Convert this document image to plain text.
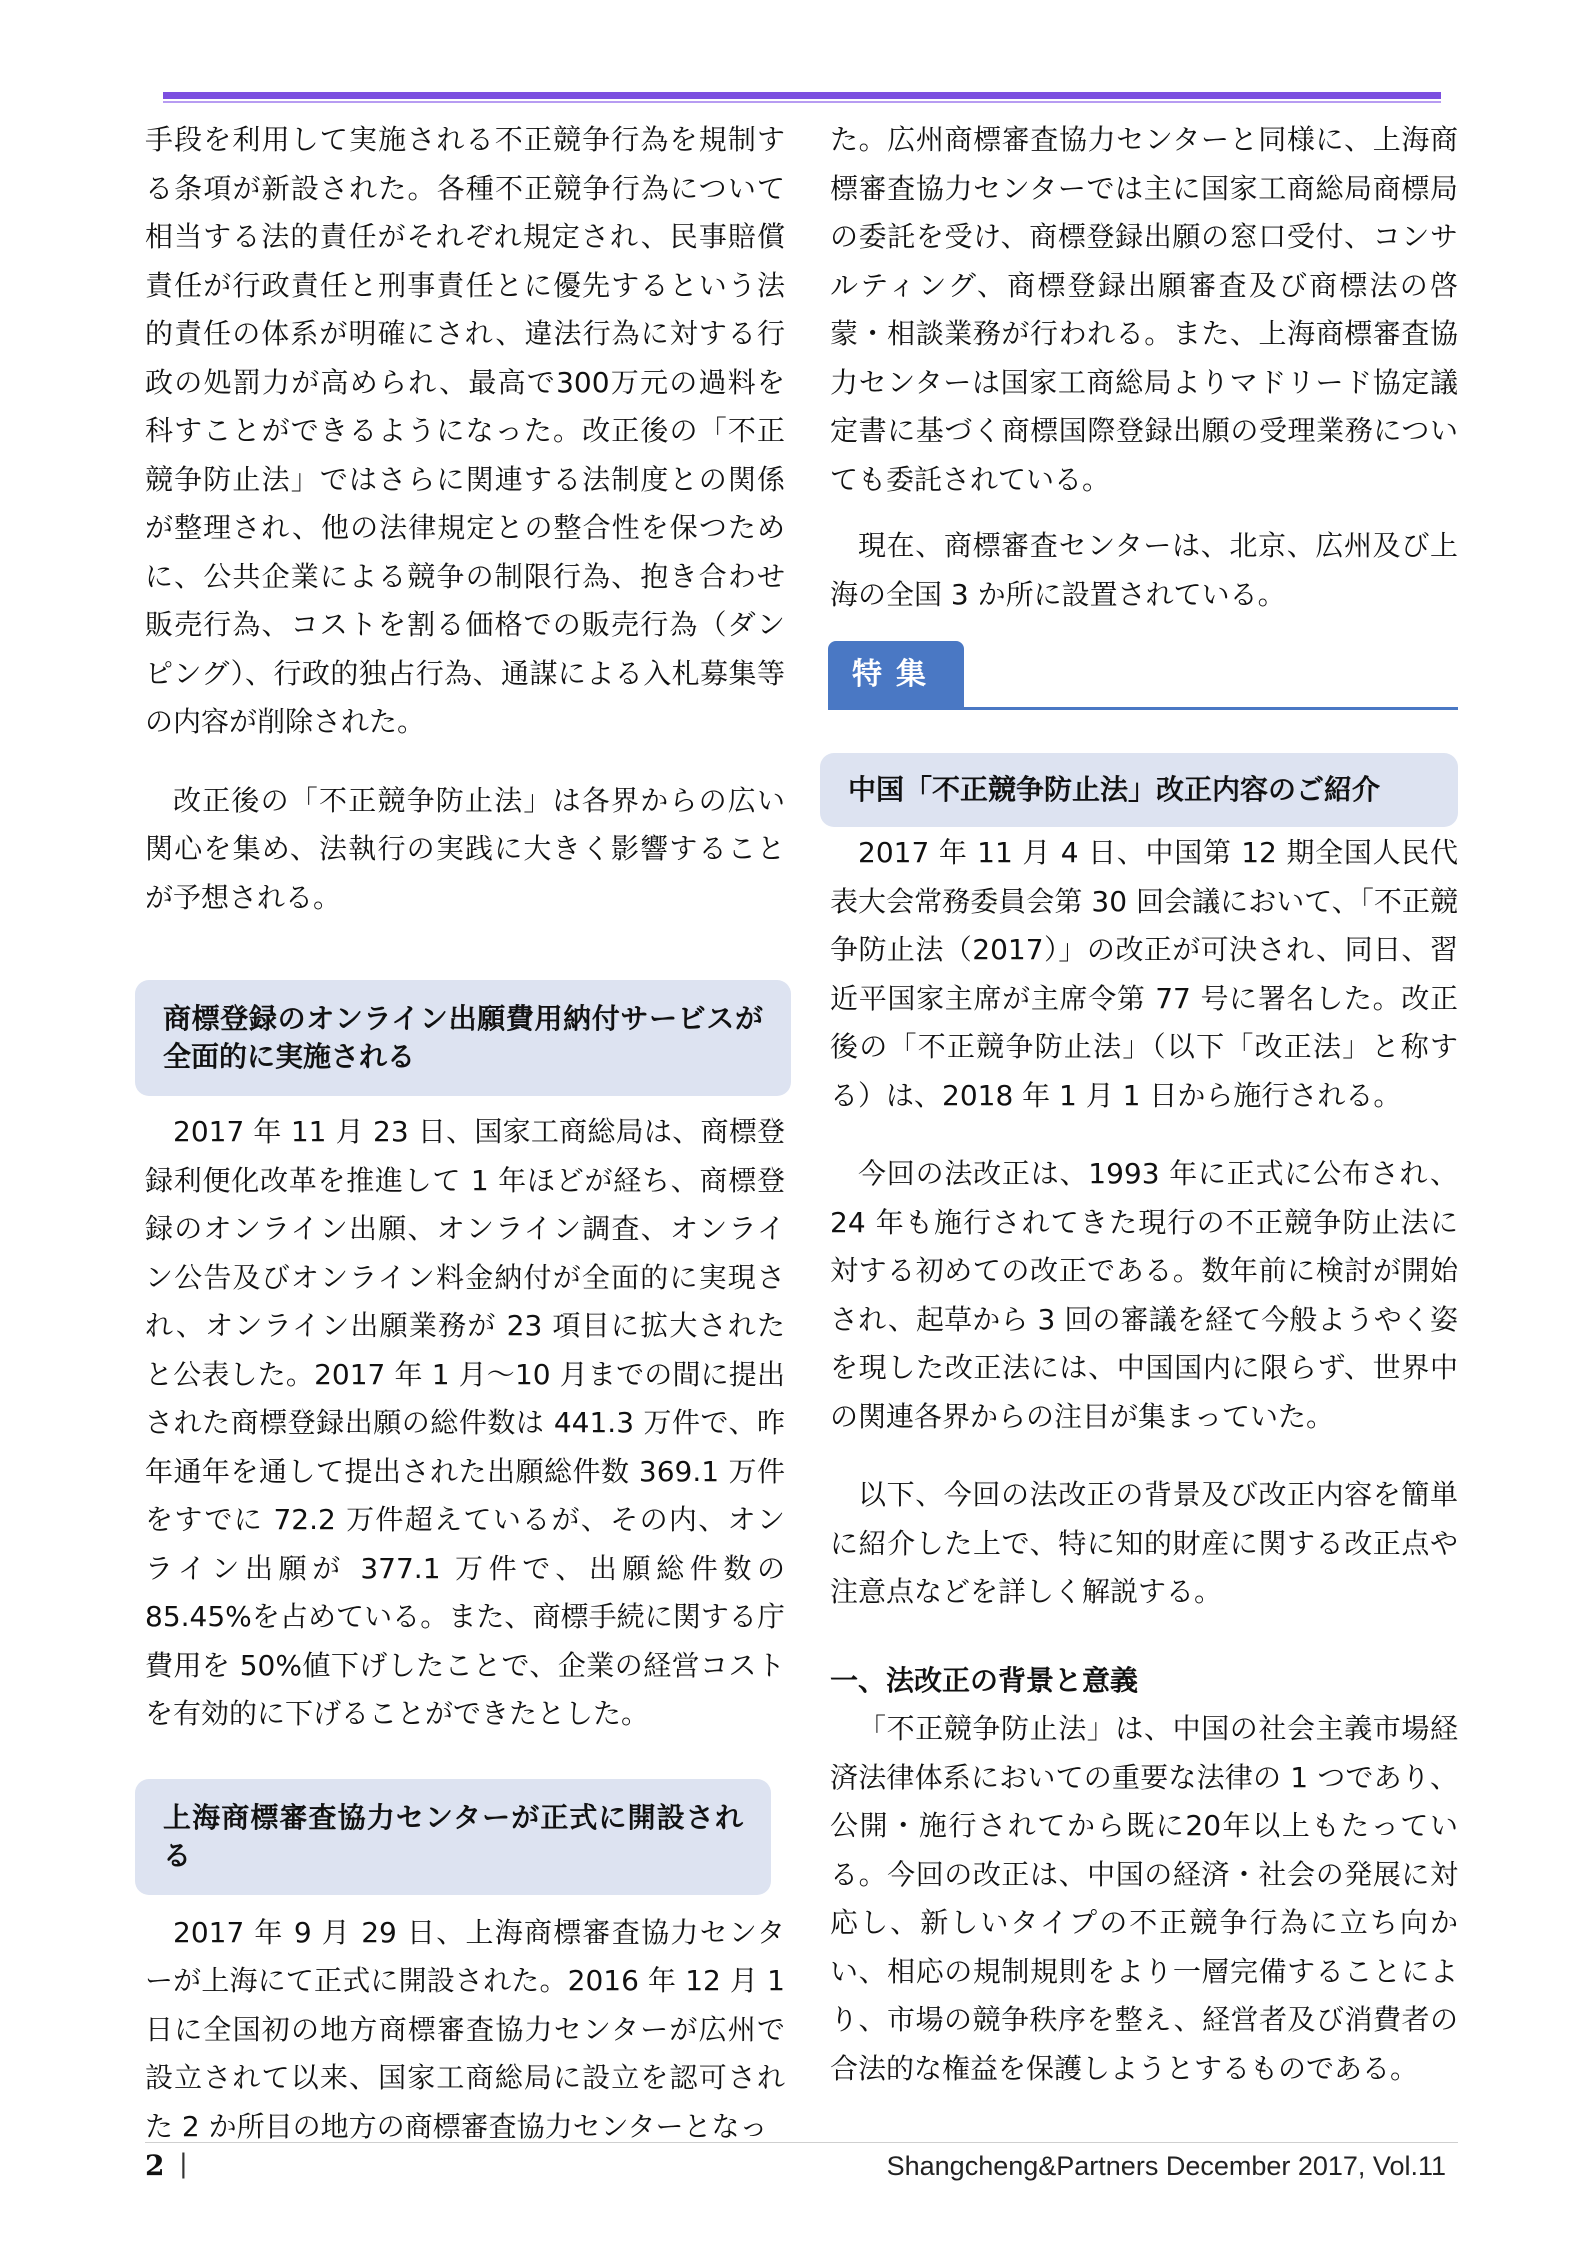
手段を利用して実施される不正競争行為を規制する条項が新設された。各種不正競争行為について相当する法的責任がそれぞれ規定され、民事賠償責任が行政責任と刑事責任とに優先するという法的責任の体系が明確にされ、違法行為に対する行政の処罰力が高められ、最高で300万元の過料を科すことができるようになった。改正後の「不正競争防止法」ではさらに関連する法制度との関係が整理され、他の法律規定との整合性を保つために、公共企業による競争の制限行為、抱き合わせ販売行為、コストを割る価格での販売行為（ダンピング）、行政的独占行為、通謀による入札募集等の内容が削除された。

改正後の「不正競争防止法」は各界からの広い関心を集め、法執行の実践に大きく影響することが予想される。

商標登録のオンライン出願費用納付サービスが全面的に実施される

2017 年 11 月 23 日、国家工商総局は、商標登録利便化改革を推進して 1 年ほどが経ち、商標登録のオンライン出願、オンライン調査、オンライン公告及びオンライン料金納付が全面的に実現され、オンライン出願業務が 23 項目に拡大されたと公表した。2017 年 1 月～10 月までの間に提出された商標登録出願の総件数は 441.3 万件で、昨年通年を通して提出された出願総件数 369.1 万件をすでに 72.2 万件超えているが、その内、オンライン出願が 377.1 万件で、出願総件数の 85.45%を占めている。また、商標手続に関する庁費用を 50%値下げしたことで、企業の経営コストを有効的に下げることができたとした。

上海商標審査協力センターが正式に開設される

2017 年 9 月 29 日、上海商標審査協力センターが上海にて正式に開設された。2016 年 12 月 1 日に全国初の地方商標審査協力センターが広州で設立されて以来、国家工商総局に設立を認可された 2 か所目の地方の商標審査協力センターとなっ

た。広州商標審査協力センターと同様に、上海商標審査協力センターでは主に国家工商総局商標局の委託を受け、商標登録出願の窓口受付、コンサルティング、商標登録出願審査及び商標法の啓蒙・相談業務が行われる。また、上海商標審査協力センターは国家工商総局よりマドリード協定議定書に基づく商標国際登録出願の受理業務についても委託されている。

現在、商標審査センターは、北京、広州及び上海の全国 3 か所に設置されている。

特集
中国「不正競争防止法」改正内容のご紹介

2017 年 11 月 4 日、中国第 12 期全国人民代表大会常務委員会第 30 回会議において、「不正競争防止法（2017）」の改正が可決され、同日、習近平国家主席が主席令第 77 号に署名した。改正後の「不正競争防止法」（以下「改正法」と称する）は、2018 年 1 月 1 日から施行される。

今回の法改正は、1993 年に正式に公布され、24 年も施行されてきた現行の不正競争防止法に対する初めての改正である。数年前に検討が開始され、起草から 3 回の審議を経て今般ようやく姿を現した改正法には、中国国内に限らず、世界中の関連各界からの注目が集まっていた。

以下、今回の法改正の背景及び改正内容を簡単に紹介した上で、特に知的財産に関する改正点や注意点などを詳しく解説する。

一、法改正の背景と意義

「不正競争防止法」は、中国の社会主義市場経済法律体系においての重要な法律の 1 つであり、公開・施行されてから既に20年以上もたっている。今回の改正は、中国の経済・社会の発展に対応し、新しいタイプの不正競争行為に立ち向かい、相応の規制規則をより一層完備することにより、市場の競争秩序を整え、経営者及び消費者の合法的な権益を保護しようとするものである。

2 |	Shangcheng&Partners December 2017, Vol.11
